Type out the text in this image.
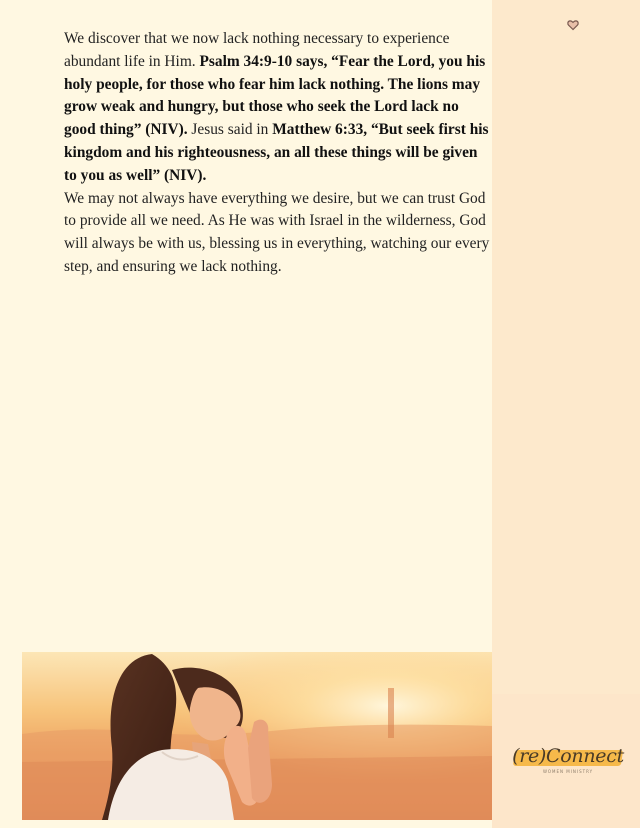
We discover that we now lack nothing necessary to experience abundant life in Him. Psalm 34:9-10 says, “Fear the Lord, you his holy people, for those who fear him lack nothing. The lions may grow weak and hungry, but those who seek the Lord lack no good thing” (NIV). Jesus said in Matthew 6:33, “But seek first his kingdom and his righteousness, an all these things will be given to you as well” (NIV).

We may not always have everything we desire, but we can trust God to provide all we need. As He was with Israel in the wilderness, God will always be with us, blessing us in everything, watching our every step, and ensuring we lack nothing.

(re)Connect
WOMEN MINISTRY
